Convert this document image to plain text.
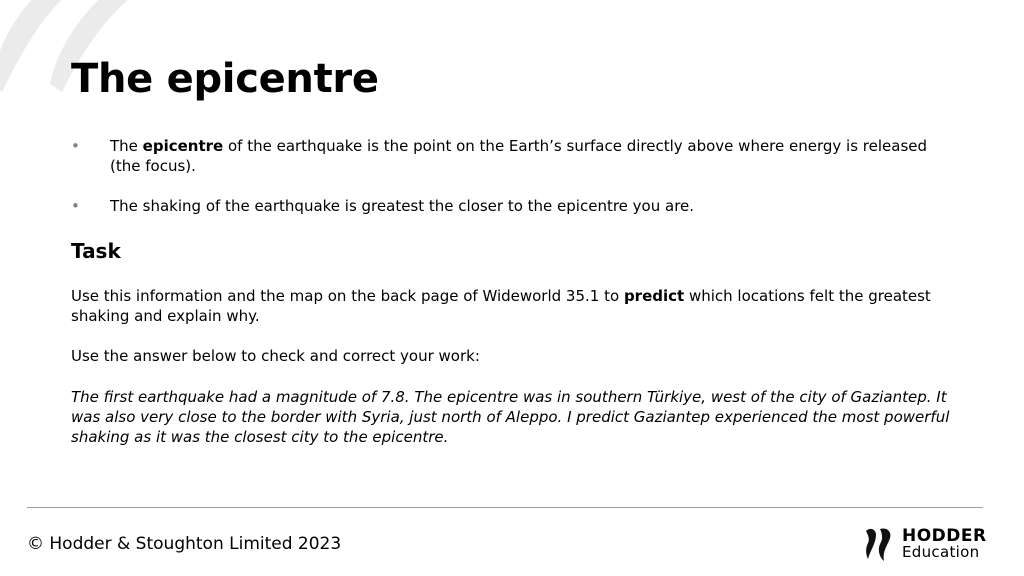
The epicentre
• The epicentre of the earthquake is the point on the Earth’s surface directly above where energy is released (the focus).
• The shaking of the earthquake is greatest the closer to the epicentre you are.
Task

Use this information and the map on the back page of Wideworld 35.1 to predict which locations felt the greatest shaking and explain why.

Use the answer below to check and correct your work:

The first earthquake had a magnitude of 7.8. The epicentre was in southern Türkiye, west of the city of Gaziantep. It was also very close to the border with Syria, just north of Aleppo. I predict Gaziantep experienced the most powerful shaking as it was the closest city to the epicentre.

© Hodder & Stoughton Limited 2023	HODDER
Education
